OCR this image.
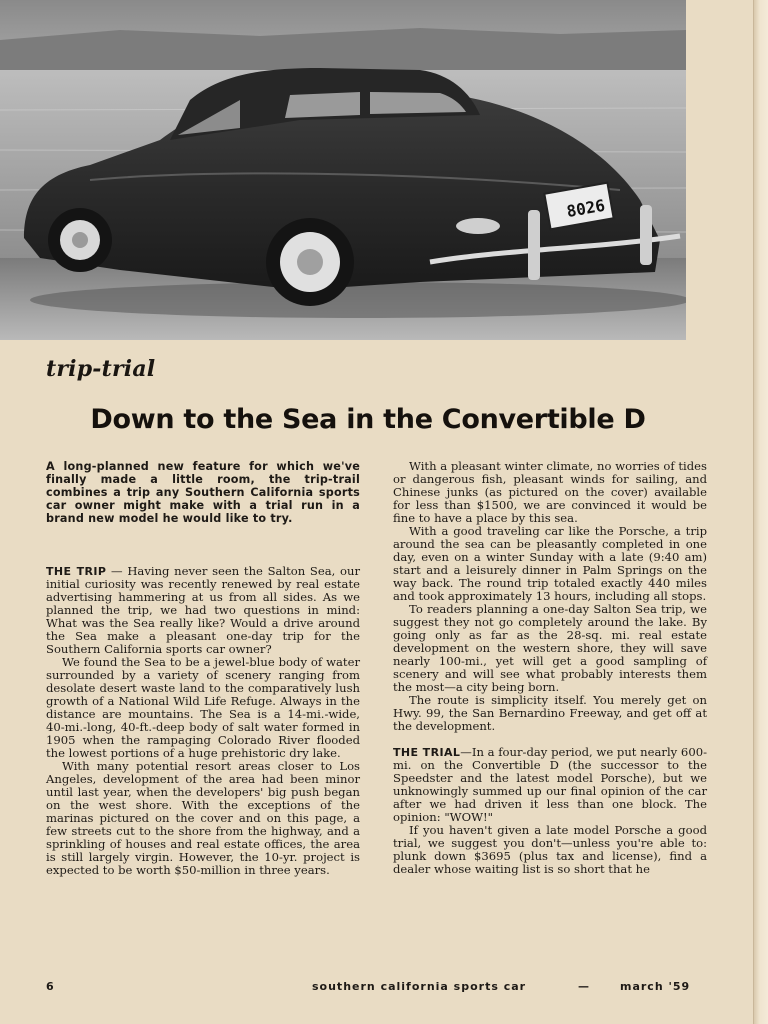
8026
trip-trial
Down to the Sea in the Convertible D

A long-planned new feature for which we've finally made a little room, the trip-trail combines a trip any Southern California sports car owner might make with a trial run in a brand new model he would like to try.

THE TRIP — Having never seen the Salton Sea, our initial curiosity was recently renewed by real estate advertising hammering at us from all sides. As we planned the trip, we had two questions in mind: What was the Sea really like? Would a drive around the Sea make a pleasant one-day trip for the Southern California sports car owner?

We found the Sea to be a jewel-blue body of water surrounded by a variety of scenery ranging from desolate desert waste land to the comparatively lush growth of a National Wild Life Refuge. Always in the distance are mountains. The Sea is a 14-mi.-wide, 40-mi.-long, 40-ft.-deep body of salt water formed in 1905 when the rampaging Colorado River flooded the lowest portions of a huge prehistoric dry lake.

With many potential resort areas closer to Los Angeles, development of the area had been minor until last year, when the developers' big push began on the west shore. With the exceptions of the marinas pictured on the cover and on this page, a few streets cut to the shore from the highway, and a sprinkling of houses and real estate offices, the area is still largely virgin. However, the 10-yr. project is expected to be worth $50-million in three years.

With a pleasant winter climate, no worries of tides or dangerous fish, pleasant winds for sailing, and Chinese junks (as pictured on the cover) available for less than $1500, we are convinced it would be fine to have a place by this sea.

With a good traveling car like the Porsche, a trip around the sea can be pleasantly completed in one day, even on a winter Sunday with a late (9:40 am) start and a leisurely dinner in Palm Springs on the way back. The round trip totaled exactly 440 miles and took approximately 13 hours, including all stops.

To readers planning a one-day Salton Sea trip, we suggest they not go completely around the lake. By going only as far as the 28-sq. mi. real estate development on the western shore, they will save nearly 100-mi., yet will get a good sampling of scenery and will see what probably interests them the most—a city being born.

The route is simplicity itself. You merely get on Hwy. 99, the San Bernardino Freeway, and get off at the development.

THE TRIAL—In a four-day period, we put nearly 600-mi. on the Convertible D (the successor to the Speedster and the latest model Porsche), but we unknowingly summed up our final opinion of the car after we had driven it less than one block. The opinion: "WOW!"

If you haven't given a late model Porsche a good trial, we suggest you don't—unless you're able to: plunk down $3695 (plus tax and license), find a dealer whose waiting list is so short that he

6	southern california sports car	—	march '59
